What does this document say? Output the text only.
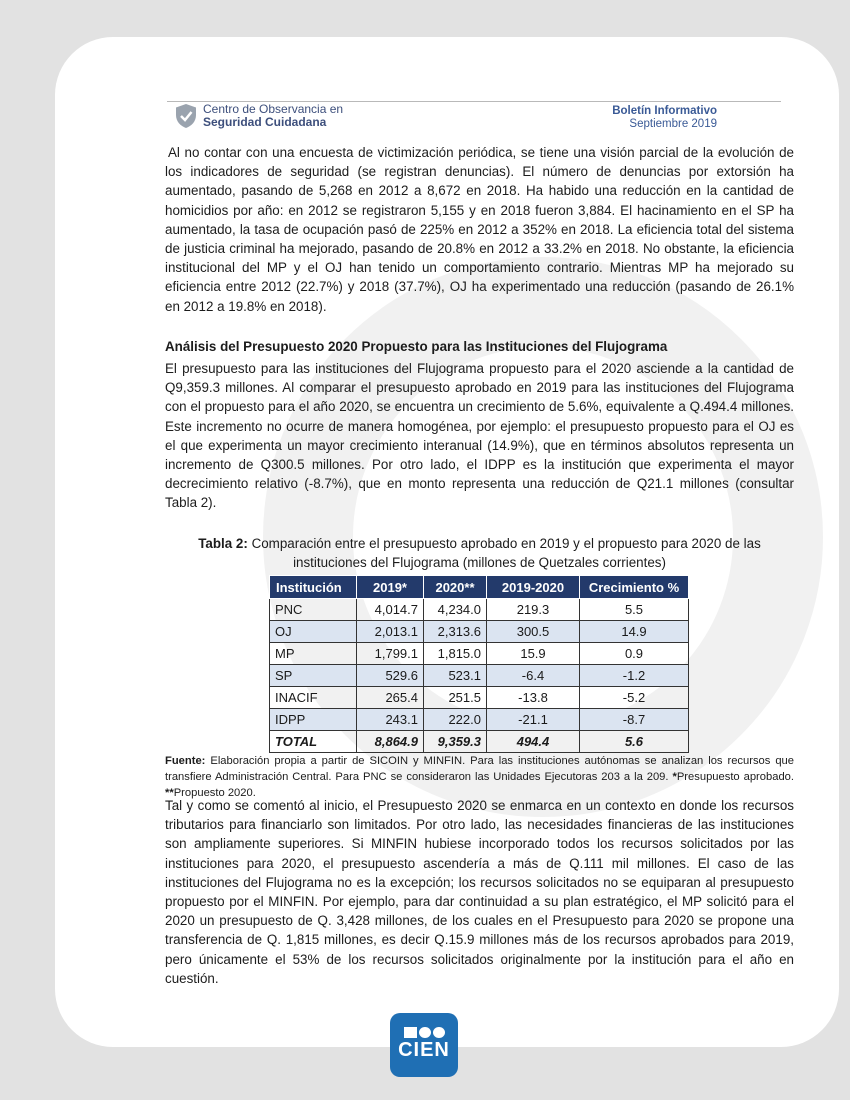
Centro de Observancia en
Seguridad Cuidadana
Boletín Informativo
Septiembre 2019
Al no contar con una encuesta de victimización periódica, se tiene una visión parcial de la evolución de los indicadores de seguridad (se registran denuncias). El número de denuncias por extorsión ha aumentado, pasando de 5,268 en 2012 a 8,672 en 2018. Ha habido una reducción en la cantidad de homicidios por año: en 2012 se registraron 5,155 y en 2018 fueron 3,884. El hacinamiento en el SP ha aumentado, la tasa de ocupación pasó de 225% en 2012 a 352% en 2018. La eficiencia total del sistema de justicia criminal ha mejorado, pasando de 20.8% en 2012 a 33.2% en 2018. No obstante, la eficiencia institucional del MP y el OJ han tenido un comportamiento contrario. Mientras MP ha mejorado su eficiencia entre 2012 (22.7%) y 2018 (37.7%), OJ ha experimentado una reducción (pasando de 26.1% en 2012 a 19.8% en 2018).
Análisis del Presupuesto 2020 Propuesto para las Instituciones del Flujograma
El presupuesto para las instituciones del Flujograma propuesto para el 2020 asciende a la cantidad de Q9,359.3 millones. Al comparar el presupuesto aprobado en 2019 para las instituciones del Flujograma con el propuesto para el año 2020, se encuentra un crecimiento de 5.6%, equivalente a Q.494.4 millones. Este incremento no ocurre de manera homogénea, por ejemplo: el presupuesto propuesto para el OJ es el que experimenta un mayor crecimiento interanual (14.9%), que en términos absolutos representa un incremento de Q300.5 millones. Por otro lado, el IDPP es la institución que experimenta el mayor decrecimiento relativo (-8.7%), que en monto representa una reducción de Q21.1 millones (consultar Tabla 2).
Tabla 2: Comparación entre el presupuesto aprobado en 2019 y el propuesto para 2020 de las instituciones del Flujograma (millones de Quetzales corrientes)
Institución	2019*	2020**	2019-2020	Crecimiento %
PNC	4,014.7	4,234.0	219.3	5.5
OJ	2,013.1	2,313.6	300.5	14.9
MP	1,799.1	1,815.0	15.9	0.9
SP	529.6	523.1	-6.4	-1.2
INACIF	265.4	251.5	-13.8	-5.2
IDPP	243.1	222.0	-21.1	-8.7
TOTAL	8,864.9	9,359.3	494.4	5.6
Fuente: Elaboración propia a partir de SICOIN y MINFIN. Para las instituciones autónomas se analizan los recursos que transfiere Administración Central. Para PNC se consideraron las Unidades Ejecutoras 203 a la 209. *Presupuesto aprobado. **Propuesto 2020.
Tal y como se comentó al inicio, el Presupuesto 2020 se enmarca en un contexto en donde los recursos tributarios para financiarlo son limitados. Por otro lado, las necesidades financieras de las instituciones son ampliamente superiores. Si MINFIN hubiese incorporado todos los recursos solicitados por las instituciones para 2020, el presupuesto ascendería a más de Q.111 mil millones. El caso de las instituciones del Flujograma no es la excepción; los recursos solicitados no se equiparan al presupuesto propuesto por el MINFIN. Por ejemplo, para dar continuidad a su plan estratégico, el MP solicitó para el 2020 un presupuesto de Q. 3,428 millones, de los cuales en el Presupuesto para 2020 se propone una transferencia de Q. 1,815 millones, es decir Q.15.9 millones más de los recursos aprobados para 2019, pero únicamente el 53% de los recursos solicitados originalmente por la institución para el año en cuestión.
CIEN
